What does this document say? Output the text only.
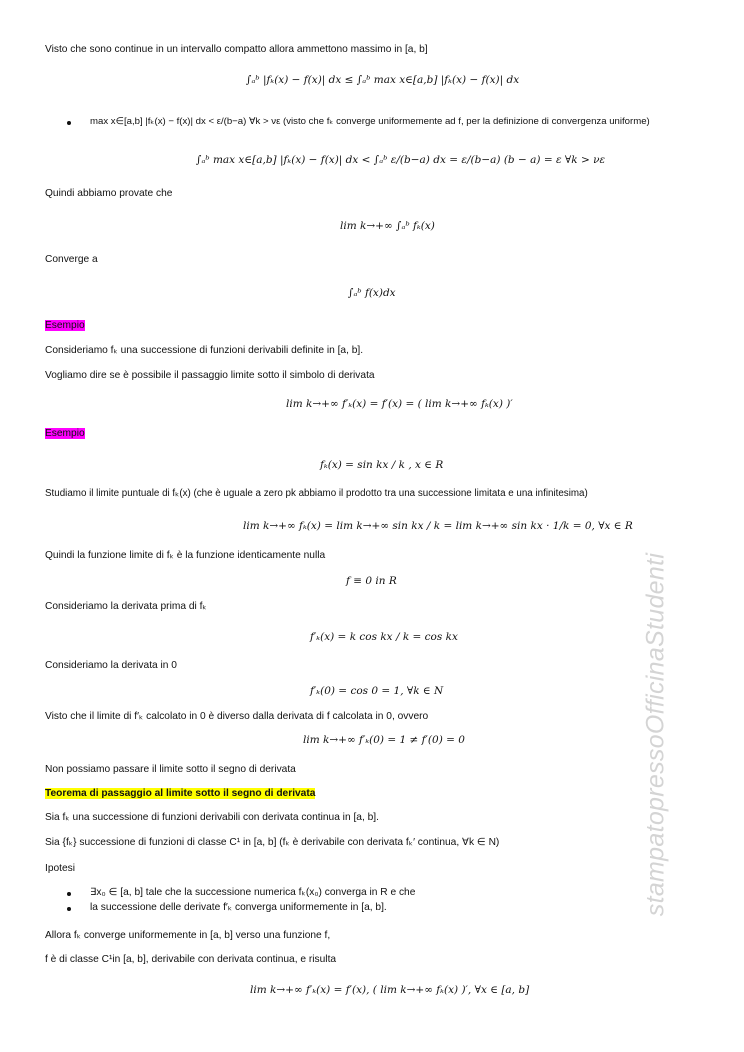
Visto che sono continue in un intervallo compatto allora ammettono massimo in [a, b]
∫ₐᵇ |fₖ(x) − f(x)| dx ≤ ∫ₐᵇ max x∈[a,b] |fₖ(x) − f(x)| dx
max x∈[a,b] |fₖ(x) − f(x)| dx < ε/(b−a) ∀k > νε (visto che fₖ converge uniformemente ad f, per la definizione di convergenza uniforme)
∫ₐᵇ max x∈[a,b] |fₖ(x) − f(x)| dx < ∫ₐᵇ ε/(b−a) dx = ε/(b−a) (b − a) = ε ∀k > νε
Quindi abbiamo provate che
lim k→+∞ ∫ₐᵇ fₖ(x)
Converge a
∫ₐᵇ f(x)dx
Esempio
Consideriamo fₖ una successione di funzioni derivabili definite in [a, b].
Vogliamo dire se è possibile il passaggio limite sotto il simbolo di derivata
lim k→+∞ f′ₖ(x) = f′(x) = ( lim k→+∞ fₖ(x) )′
Esempio
fₖ(x) = sin kx / k , x ∈ R
Studiamo il limite puntuale di fₖ(x) (che è uguale a zero pk abbiamo il prodotto tra una successione limitata e una infinitesima)
lim k→+∞ fₖ(x) = lim k→+∞ sin kx / k = lim k→+∞ sin kx · 1/k = 0, ∀x ∈ R
Quindi la funzione limite di fₖ è la funzione identicamente nulla
f ≡ 0 in R
Consideriamo la derivata prima di fₖ
f′ₖ(x) = k cos kx / k = cos kx
Consideriamo la derivata in 0
f′ₖ(0) = cos 0 = 1, ∀k ∈ N
Visto che il limite di f′ₖ calcolato in 0 è diverso dalla derivata di f calcolata in 0, ovvero
lim k→+∞ f′ₖ(0) = 1 ≠ f′(0) = 0
Non possiamo passare il limite sotto il segno di derivata
Teorema di passaggio al limite sotto il segno di derivata
Sia fₖ una successione di funzioni derivabili con derivata continua in [a, b].
Sia {fₖ} successione di funzioni di classe C¹ in [a, b] (fₖ è derivabile con derivata fₖ′ continua, ∀k ∈ N)
Ipotesi
∃x₀ ∈ [a, b] tale che la successione numerica fₖ(x₀) converga in R e che
la successione delle derivate f′ₖ converga uniformemente in [a, b].
Allora fₖ converge uniformemente in [a, b] verso una funzione f,
f è di classe C¹in [a, b], derivabile con derivata continua, e risulta
lim k→+∞ f′ₖ(x) = f′(x), ( lim k→+∞ fₖ(x) )′, ∀x ∈ [a, b]
stampatopressoOfficinaStudenti
